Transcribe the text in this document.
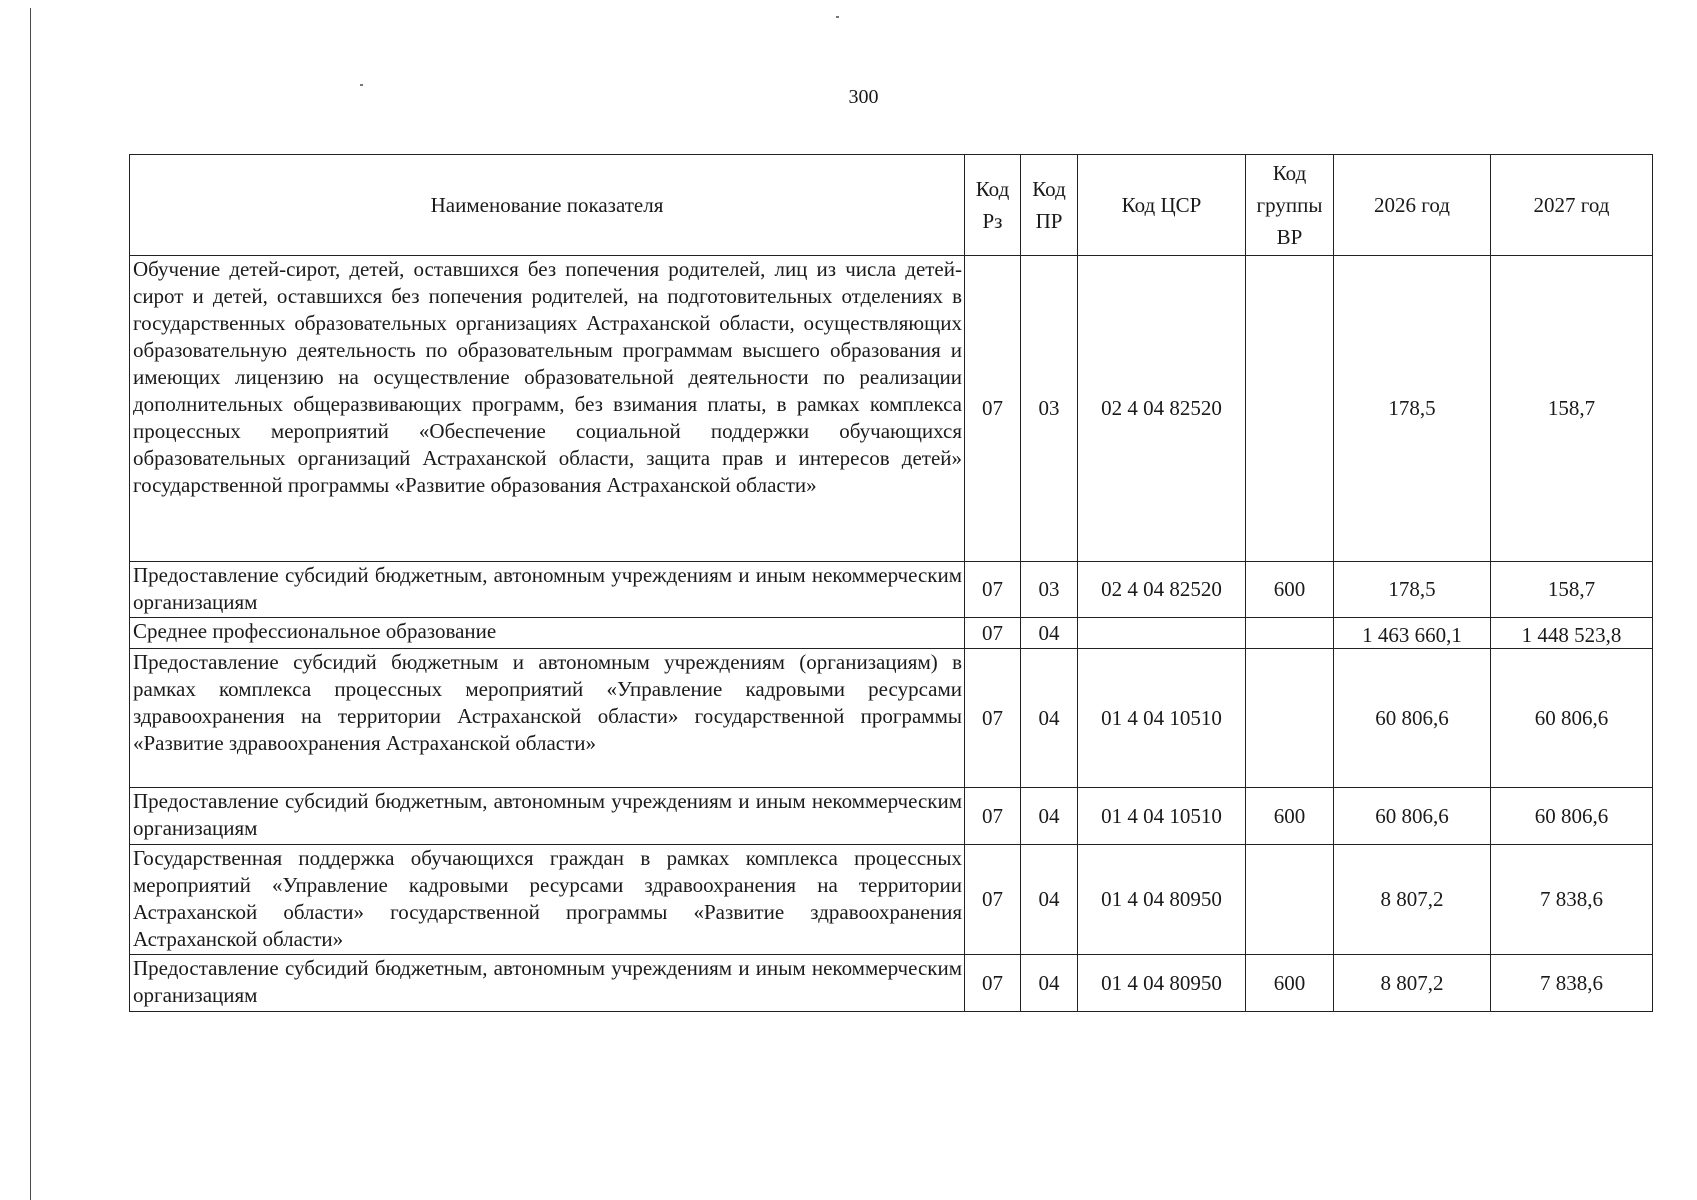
300
Наименование показателя	Код Рз	Код ПР	Код ЦСР	Код группы ВР	2026 год	2027 год
Обучение детей-сирот, детей, оставшихся без попечения родителей, лиц из числа детей-сирот и детей, оставшихся без попечения родителей, на подготовительных отделениях в государственных образовательных организациях Астраханской области, осуществляющих образовательную деятельность по образовательным программам высшего образования и имеющих лицензию на осуществление образовательной деятельности по реализации дополнительных общеразвивающих программ, без взимания платы, в рамках комплекса процессных мероприятий «Обеспечение социальной поддержки обучающихся образовательных организаций Астраханской области, защита прав и интересов детей» государственной программы «Развитие образования Астраханской области»	07	03	02 4 04 82520		178,5	158,7
Предоставление субсидий бюджетным, автономным учреждениям и иным некоммерческим организациям	07	03	02 4 04 82520	600	178,5	158,7
Среднее профессиональное образование	07	04			1 463 660,1	1 448 523,8
Предоставление субсидий бюджетным и автономным учреждениям (организациям) в рамках комплекса процессных мероприятий «Управление кадровыми ресурсами здравоохранения на территории Астраханской области» государственной программы «Развитие здравоохранения Астраханской области»	07	04	01 4 04 10510		60 806,6	60 806,6
Предоставление субсидий бюджетным, автономным учреждениям и иным некоммерческим организациям	07	04	01 4 04 10510	600	60 806,6	60 806,6
Государственная поддержка обучающихся граждан в рамках комплекса процессных мероприятий «Управление кадровыми ресурсами здравоохранения на территории Астраханской области» государственной программы «Развитие здравоохранения Астраханской области»	07	04	01 4 04 80950		8 807,2	7 838,6
Предоставление субсидий бюджетным, автономным учреждениям и иным некоммерческим организациям	07	04	01 4 04 80950	600	8 807,2	7 838,6
